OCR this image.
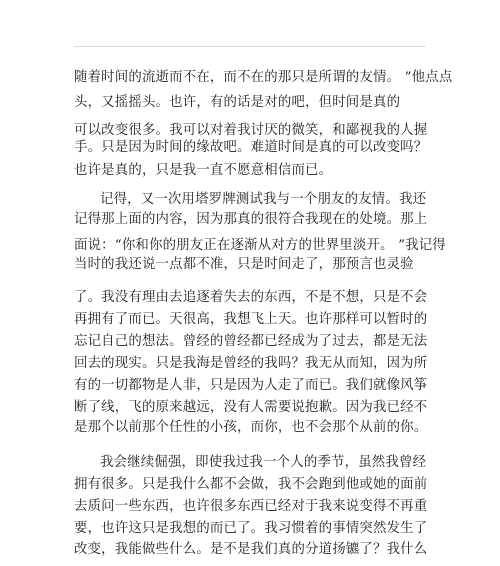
随着时间的流逝而不在，而不在的那只是所谓的友情。 ”他点点
头，又摇摇头。也许，有的话是对的吧，但时间是真的
可以改变很多。我可以对着我讨厌的微笑，和鄙视我的人握
手。只是因为时间的缘故吧。难道时间是真的可以改变吗？
也许是真的，只是我一直不愿意相信而已。
记得，又一次用塔罗牌测试我与一个朋友的友情。我还
记得那上面的内容，因为那真的很符合我现在的处境。那上
面说：“你和你的朋友正在逐渐从对方的世界里淡开。 ”我记得
当时的我还说一点都不准，只是时间走了，那预言也灵验
了。我没有理由去追逐着失去的东西，不是不想，只是不会
再拥有了而已。天很高，我想飞上天。也许那样可以暂时的
忘记自己的想法。曾经的曾经都已经成为了过去，都是无法
回去的现实。只是我海是曾经的我吗？我无从而知，因为所
有的一切都物是人非，只是因为人走了而已。我们就像风筝
断了线，飞的原来越远，没有人需要说抱歉。因为我已经不
是那个以前那个任性的小孩，而你，也不会那个从前的你。
我会继续倔强，即使我过我一个人的季节，虽然我曾经
拥有很多。只是我什么都不会做，我不会跑到他或她的面前
去质问一些东西，也许很多东西已经对于我来说变得不再重
要，也许这只是我想的而已了。我习惯着的事情突然发生了
改变，我能做些什么。是不是我们真的分道扬镳了？我什么
